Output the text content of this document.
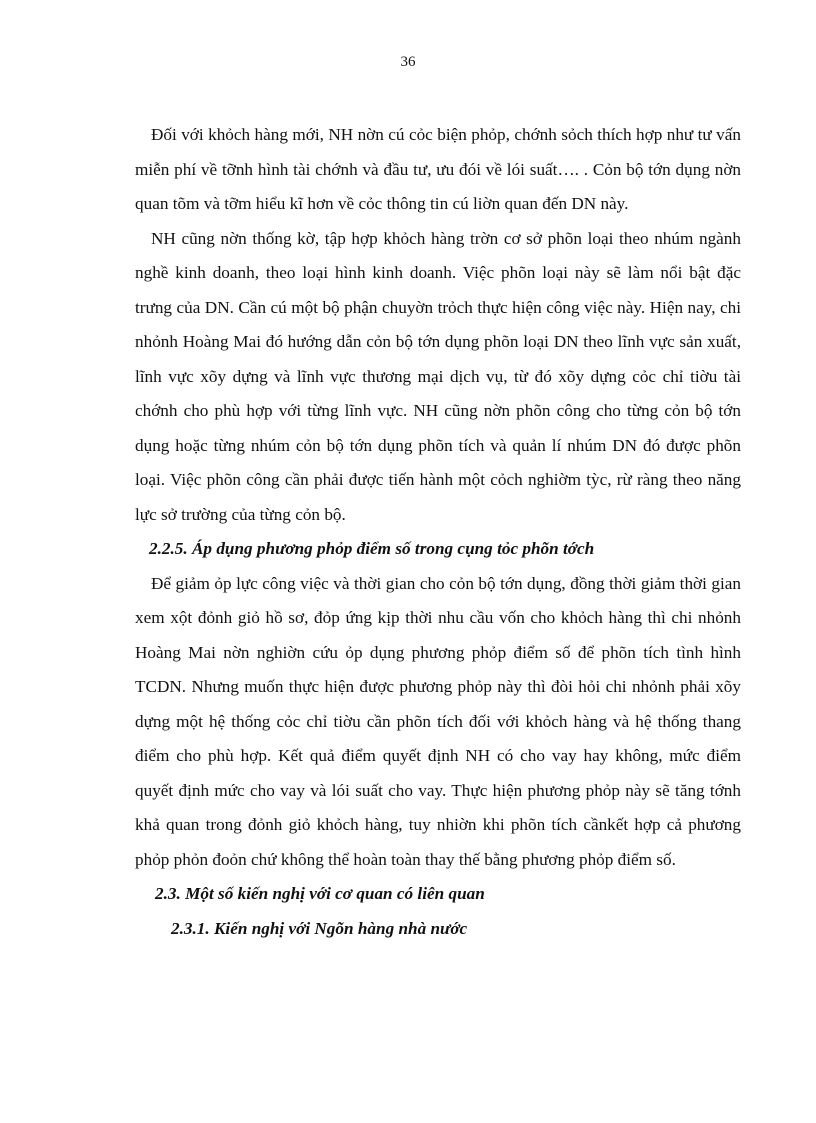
36

Đối với khỏch hàng mới, NH nờn cú cỏc biện phỏp, chớnh sỏch thích hợp như tư vấn miễn phí về tỡnh hình tài chớnh và đầu tư, ưu đói về lói suất…. . Cỏn bộ tớn dụng nờn quan tõm và tỡm hiểu kĩ hơn về cỏc thông tin cú liờn quan đến DN này.

NH cũng nờn thống kờ, tập hợp khỏch hàng trờn cơ sở phõn loại theo nhúm ngành nghề kinh doanh, theo loại hình kinh doanh. Việc phõn loại này sẽ làm nổi bật đặc trưng của DN. Cần cú một bộ phận chuyờn trỏch thực hiện công việc này. Hiện nay, chi nhỏnh Hoàng Mai đó hướng dẫn cỏn bộ tớn dụng phõn loại DN theo lĩnh vực sản xuất, lĩnh vực xõy dựng và lĩnh vực thương mại dịch vụ, từ đó xõy dựng cỏc chỉ tiờu tài chớnh cho phù hợp với từng lĩnh vực. NH cũng nờn phõn công cho từng cỏn bộ tớn dụng hoặc từng nhúm cỏn bộ tớn dụng phõn tích và quản lí nhúm DN đó được phõn loại. Việc phõn công cần phải được tiến hành một cỏch nghiờm tỳc, rừ ràng theo năng lực sở trường của từng cỏn bộ.

2.2.5. Áp dụng phương phỏp điểm số trong cụng tỏc phõn tớch

Để giảm ỏp lực công việc và thời gian cho cỏn bộ tớn dụng, đồng thời giảm thời gian xem xột đỏnh giỏ hồ sơ, đỏp ứng kịp thời nhu cầu vốn cho khỏch hàng thì chi nhỏnh Hoàng Mai nờn nghiờn cứu ỏp dụng phương phỏp điểm số để phõn tích tình hình TCDN. Nhưng muốn thực hiện được phương phỏp này thì đòi hỏi chi nhỏnh phải xõy dựng một hệ thống cỏc chỉ tiờu cần phõn tích đối với khỏch hàng và hệ thống thang điểm cho phù hợp. Kết quả điểm quyết định NH có cho vay hay không, mức điểm quyết định mức cho vay và lói suất cho vay. Thực hiện phương phỏp này sẽ tăng tớnh khả quan trong đỏnh giỏ khỏch hàng, tuy nhiờn khi phõn tích cầnkết hợp cả phương phỏp phỏn đoỏn chứ không thể hoàn toàn thay thế bằng phương phỏp điểm số.

2.3. Một số kiến nghị với cơ quan có liên quan

2.3.1. Kiến nghị với Ngõn hàng nhà nước
